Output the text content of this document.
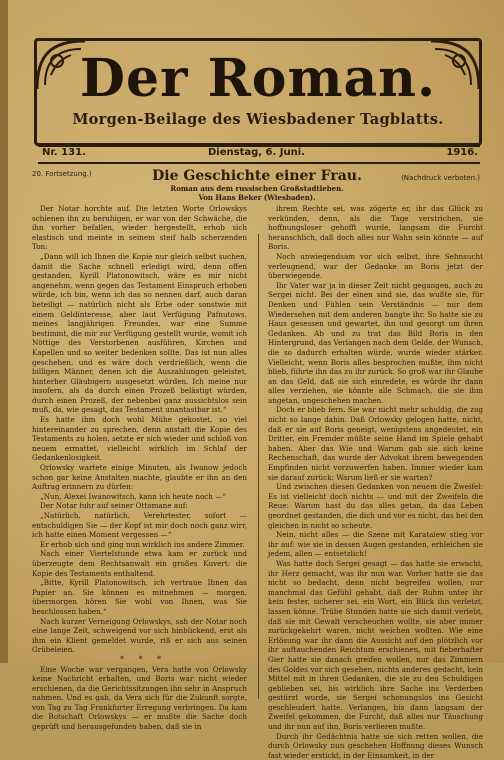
Der Roman.
Morgen-Beilage des Wiesbadener Tagblatts.
Nr. 131.	Dienstag, 6. Juni.	1916.
20. Fortsetzung.)	Die Geschichte einer Frau.
Roman aus dem russischen Großstadtleben.
Von Hans Beker (Wiesbaden).
(Nachdruck verboten.)

Der Notar horchte auf. Die letzten Worte Orlowskys schienen ihn zu beruhigen, er war von der Schwäche, die ihn vorher befallen, wieder hergestellt, erhob sich elastisch und meinte in seinem steif halb scherzenden Ton:

„Dann will ich Ihnen die Kopie nur gleich selbst suchen, damit die Sache schnell erledigt wird, denn offen gestanden, Kyrill Platonowitsch, wäre es mir nicht angenehm, wenn gegen das Testament Einspruch erhoben würde, ich bin, wenn ich das so nennen darf, auch daran beteiligt — natürlich nicht als Erbe oder sonstwie mit einem Geldinteresse, aber laut Verfügung Pafnutows, meines langjährigen Freundes, war eine Summe bestimmt, die mir zur Verfügung gestellt wurde, womit ich Nöttige des Verstorbenen ausführen, Kirchen und Kapellen und so weiter bedenken sollte. Das ist nun alles geschehen, und es wäre doch verdrießlich, wenn die billigen Männer, denen ich die Auszahlungen geleistet, hinterher Gläubigern ausgesetzt würden. Ich meine nur insofern, als da durch einen Prozeß belästigt würden, durch einen Prozeß, der nebenbei ganz aussichtslos sein muß, da, wie gesagt, das Testament unantastbar ist.“

Es hatte ihm doch wohl Mühe gekostet, so viel hintereinander zu sprechen, denn anstatt die Kopie des Testaments zu holen, setzte er sich wieder und schloß von neuem ermattet, vielleicht wirklich im Schlaf der Gedankenlosigkeit.

Orlowsky wartete einige Minuten, als Iwanow jedoch schon gar keine Anstalten machte, glaubte er ihn an den Auftrag erinnern zu dürfen:

„Nun, Alexei Iwanowitsch, kann ich heute noch —“

Der Notar fuhr auf seiner Ottomane auf:

„Natürlich, natürlich. Verehrtester, sofort — entschuldigen Sie — der Kopf ist mir doch noch ganz wirr, ich hatte einen Moment vergessen —“

Er erhob sich und ging nun wirklich ins andere Zimmer.

Nach einer Viertelstunde etwa kam er zurück und überzeugte dem Rechtsanwalt ein großes Kuvert: die Kopie des Testaments enthaltend.

„Bitte, Kyrill Platonowitsch, ich vertraue Ihnen das Papier an. Sie können es mitnehmen — morgen, übermorgen hören Sie wohl von Ihnen, was Sie beschlossen haben.“

Nach kurzer Verneigung Orlowskys, sah der Notar noch eine lange Zeit, schweigend vor sich hinblickend, erst als ihm ein Klient gemeldet wurde, riß er sich aus seinen Grübeleien.

* * *

Eine Woche war vergangen, Vera hatte von Orlowsky keine Nachricht erhalten, und Boris war nicht wieder erschienen, da die Gerichtssitzungen ihn sehr in Anspruch nahmen. Und es gab, da Vera sich für die Zukunft sorgte, von Tag zu Tag Frankfurter Erregung verbringen. Da kam die Botschaft Orlowskys — er mußte die Sache doch geprüft und herausgefunden haben, daß sie in

ihrem Rechte sei, was zögerte er, ihr das Glück zu verkünden, denn, als die Tage verstrichen, sie hoffnungsloser gehofft wurde, langsam die Furcht heranschlich, daß doch alles nur Wahn sein könnte — auf Boris.

Noch unwiegendsam vor sich selbst, ihre Sehnsucht verleugnend, war der Gedanke an Boris jetzt der überwiegende.

Ihr Vater war ja in dieser Zeit nicht gegangen, auch zu Sergei nicht. Bei der einen sind sie, das wußte sie, für Denken und Fühlen sein Verständnis — nur dem Wiedersehen mit dem anderen bangte ihr. So hatte sie zu Haus gesessen und gewartet, ihn und gesorgt um ihren Gedanken. Ab und zu trat das Bild Boris in den Hintergrund, das Verlangen nach dem Gelde, der Wunsch, die so dadurch erhalten würde, wurde wieder stärker. Vielleicht, wenn Boris alles besprochen mußte, ihm nicht blieb, führte ihn das zu ihr zurück. So groß war ihr Glaube an das Geld, daß sie sich einredete, es würde ihr dann alles verziehen, sie könnte alle Schmach, die sie ihm angetan, ungeschehen machen.

Doch er blieb fern. Sie war nicht mehr schuldig, die zog nicht so lange dahin. Daß Orlowsky gelogen hatte, nicht, daß er sie auf Boris geneigt, wenigstens angedeutet, ein Dritter, ein Fremder müßte seine Hand im Spiele gehabt haben. Aber das Wie und Warum gab sie sich keine Rechenschaft, das wurde der Advokat ihrem bewegenden Empfinden nicht vorzuwerfen haben. Immer wieder kam sie darauf zurück: Warum ließ er sie warten?

Und zwischen diesen Gedanken von neuem die Zweifel: Es ist vielleicht doch nichts — und mit der Zweifeln die Reue: Warum hast du das alles getan, da das Leben geordnet gestanden, die dich und vor es nicht, das bei den gleichen in nicht so scheute.

Nein, nicht alles — die Szene mit Karataiew stieg vor ihr auf: wie sie in dessen Augen gestanden, erbleichen sie jedem, allen — entsetzlich!

Was hatte doch Sergei gesagt — das hatte sie erwacht, ihr Herz gemacht, was ihr nun war. Vorher hatte sie das nicht so bedacht, denn nicht begreifen wollen, nur manchmal das Gefühl gehabt, daß der Ruhm unter ihr kein fester, sicherer sei, ein Wort, ein Blick ihn verletzt, lassen könne. Trübe Stunden hatte sie sich damit verlebt, daß sie mit Gewalt verscheuchen wollte, sie aber immer zurückgekehrt waren, nicht weichen wollten. Wie eine Erlösung war ihr dann die Aussicht auf den plötzlich vor ihr auftauchenden Reichtum erschienen, mit fieberhafter Gier hatte sie danach greifen wollen, nur das Zimmern des Goldes vor sich gesehen, nichts anderes gedacht, kein Mittel mit in ihren Gedanken, die sie zu den Schuldigen geblieben sei, bis wirklich ihre Sache ins Verderben gestürzt wurde, sie Sergei schonungslos ins Gesicht geschleudert hatte. Verlangen, bis dann langsam der Zweifel gekommen, die Furcht, daß alles nur Täuschung und ihr nun auf ihn, Boris verlieren mußte.

Durch ihr Gedächtnis hatte sie sich retten wollen, die durch Orlowsky nun geschehen Hoffnung dieses Wunsch fast wieder erstickt, in der Einsamkeit, in der
